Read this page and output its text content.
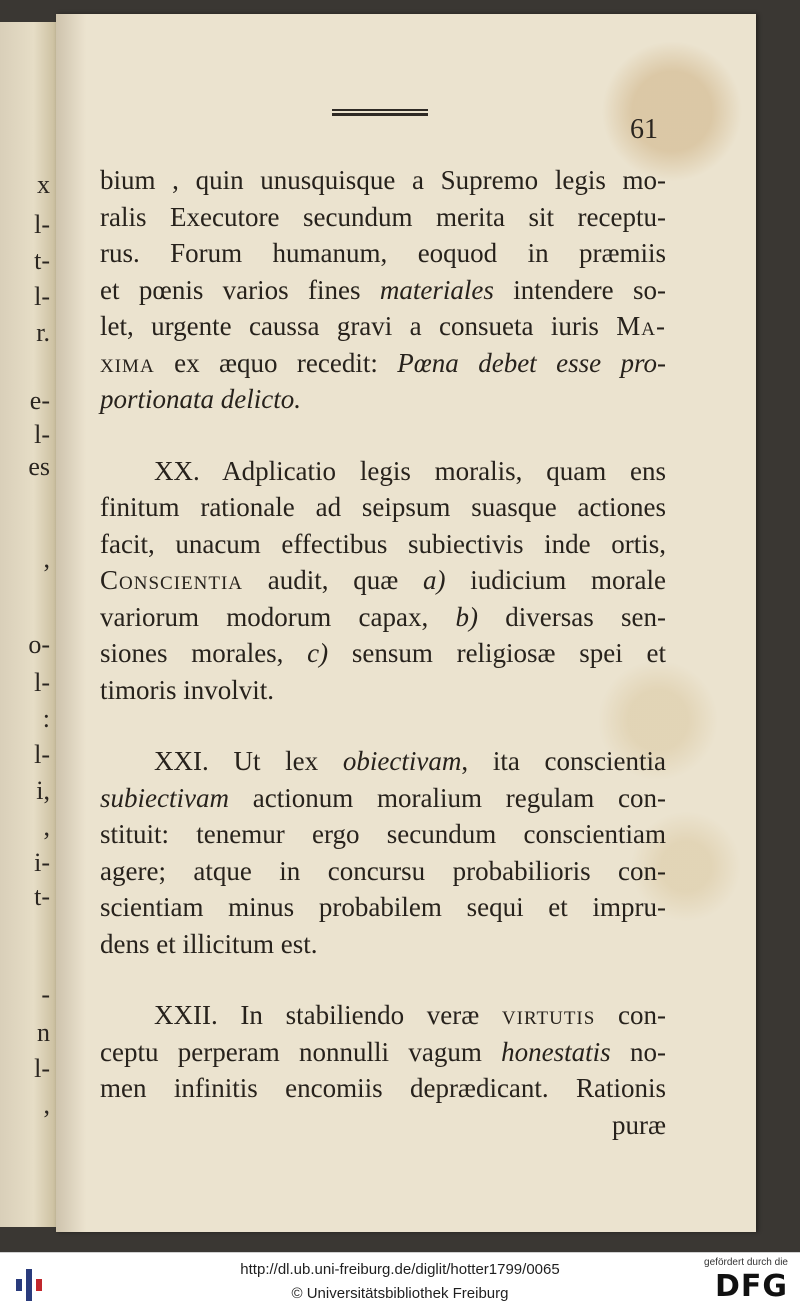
x
l-
t-
l-
r.
e-
l-
es
,
o-
l-
:
l-
i,
,
i-
t-
-
n
l-
,
61
bium , quin unusquisque a Supremo legis mo-
ralis Executore secundum merita sit receptu-
rus. Forum humanum, eoquod in præmiis
et pœnis varios fines materiales intendere so-
let, urgente caussa gravi a consueta iuris Ma-
xima ex æquo recedit: Pœna debet esse pro-
portionata delicto.
XX. Adplicatio legis moralis, quam ens
finitum rationale ad seipsum suasque actiones
facit, unacum effectibus subiectivis inde ortis,
Conscientia audit, quæ a) iudicium morale
variorum modorum capax, b) diversas sen-
siones morales, c) sensum religiosæ spei et
timoris involvit.
XXI. Ut lex obiectivam, ita conscientia
subiectivam actionum moralium regulam con-
stituit: tenemur ergo secundum conscientiam
agere; atque in concursu probabilioris con-
scientiam minus probabilem sequi et impru-
dens et illicitum est.
XXII. In stabiliendo veræ virtutis con-
ceptu perperam nonnulli vagum honestatis no-
men infinitis encomiis deprædicant. Rationis
puræ
http://dl.ub.uni-freiburg.de/diglit/hotter1799/0065
© Universitätsbibliothek Freiburg
gefördert durch die
DFG
